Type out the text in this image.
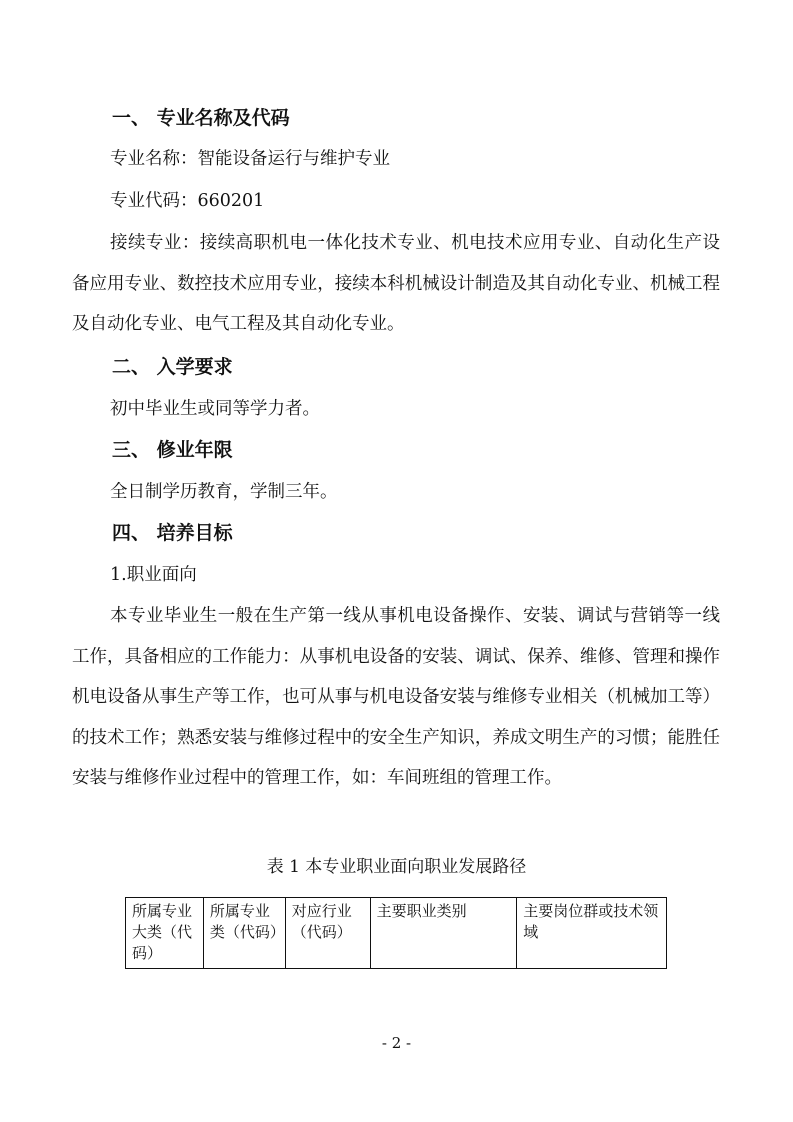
一、 专业名称及代码
专业名称：智能设备运行与维护专业
专业代码：660201

接续专业：接续高职机电一体化技术专业、机电技术应用专业、自动化生产设备应用专业、数控技术应用专业，接续本科机械设计制造及其自动化专业、机械工程及自动化专业、电气工程及其自动化专业。

二、 入学要求
初中毕业生或同等学力者。
三、 修业年限
全日制学历教育，学制三年。
四、 培养目标
1.职业面向

本专业毕业生一般在生产第一线从事机电设备操作、安装、调试与营销等一线工作，具备相应的工作能力：从事机电设备的安装、调试、保养、维修、管理和操作机电设备从事生产等工作，也可从事与机电设备安装与维修专业相关（机械加工等）的技术工作；熟悉安装与维修过程中的安全生产知识，养成文明生产的习惯；能胜任安装与维修作业过程中的管理工作，如：车间班组的管理工作。

表 1 本专业职业面向职业发展路径
所属专业大类（代码）	所属专业类（代码）	对应行业（代码）	主要职业类别	主要岗位群或技术领域
- 2 -
